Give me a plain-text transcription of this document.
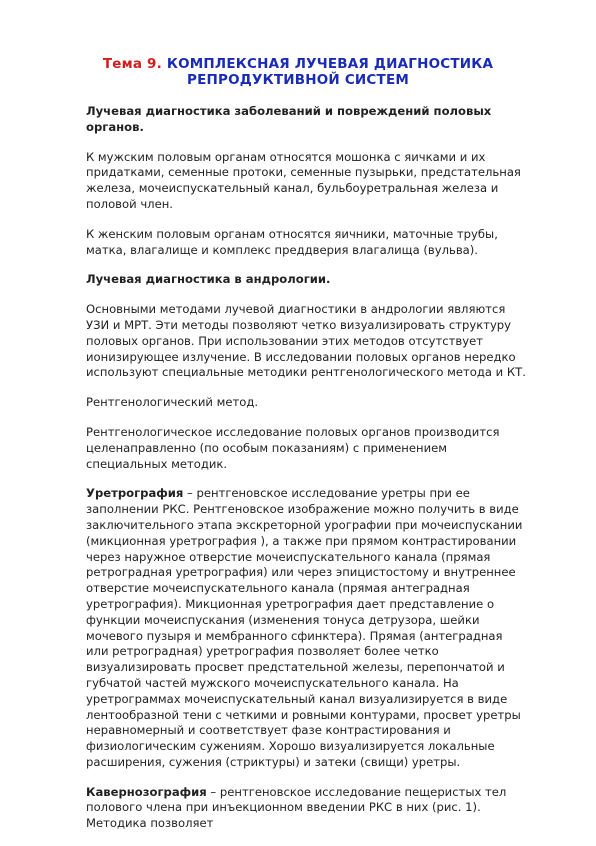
Тема 9. КОМПЛЕКСНАЯ ЛУЧЕВАЯ ДИАГНОСТИКА
РЕПРОДУКТИВНОЙ СИСТЕМ

Лучевая диагностика заболеваний и повреждений половых органов.

К мужским половым органам относятся мошонка с яичками и их придатками, семенные протоки, семенные пузырьки, предстательная железа, мочеиспускательный канал, бульбоуретральная железа и половой член.

К женским половым органам относятся яичники, маточные трубы, матка, влагалище и комплекс преддверия влагалища (вульва).

Лучевая диагностика в андрологии.

Основными методами лучевой диагностики в андрологии являются УЗИ и МРТ. Эти методы позволяют четко визуализировать структуру половых органов. При использовании этих методов отсутствует ионизирующее излучение. В исследовании половых органов нередко используют специальные методики рентгенологического метода и КТ.

Рентгенологический метод.

Рентгенологическое исследование половых органов производится целенаправленно (по особым показаниям) с применением специальных методик.

Уретрография – рентгеновское исследование уретры при ее заполнении РКС. Рентгеновское изображение можно получить в виде заключительного этапа экскреторной урографии при мочеиспускании (микционная уретрография ), а также при прямом контрастировании через наружное отверстие мочеиспускательного канала (прямая ретроградная уретрография) или через эпицистостому и внутреннее отверстие мочеиспускательного канала (прямая антеградная уретрография). Микционная уретрография дает представление о функции мочеиспускания (изменения тонуса детрузора, шейки мочевого пузыря и мембранного сфинктера). Прямая (антеградная или ретроградная) уретрография позволяет более четко визуализировать просвет предстательной железы, перепончатой и губчатой частей мужского мочеиспускательного канала. На уретрограммах мочеиспускательный канал визуализируется в виде лентообразной тени с четкими и ровными контурами, просвет уретры неравномерный и соответствует фазе контрастирования и физиологическим сужениям. Хорошо визуализируется локальные расширения, сужения (стриктуры) и затеки (свищи) уретры.

Кавернозография – рентгеновское исследование пещеристых тел полового члена при инъекционном введении РКС в них (рис. 1). Методика позволяет
